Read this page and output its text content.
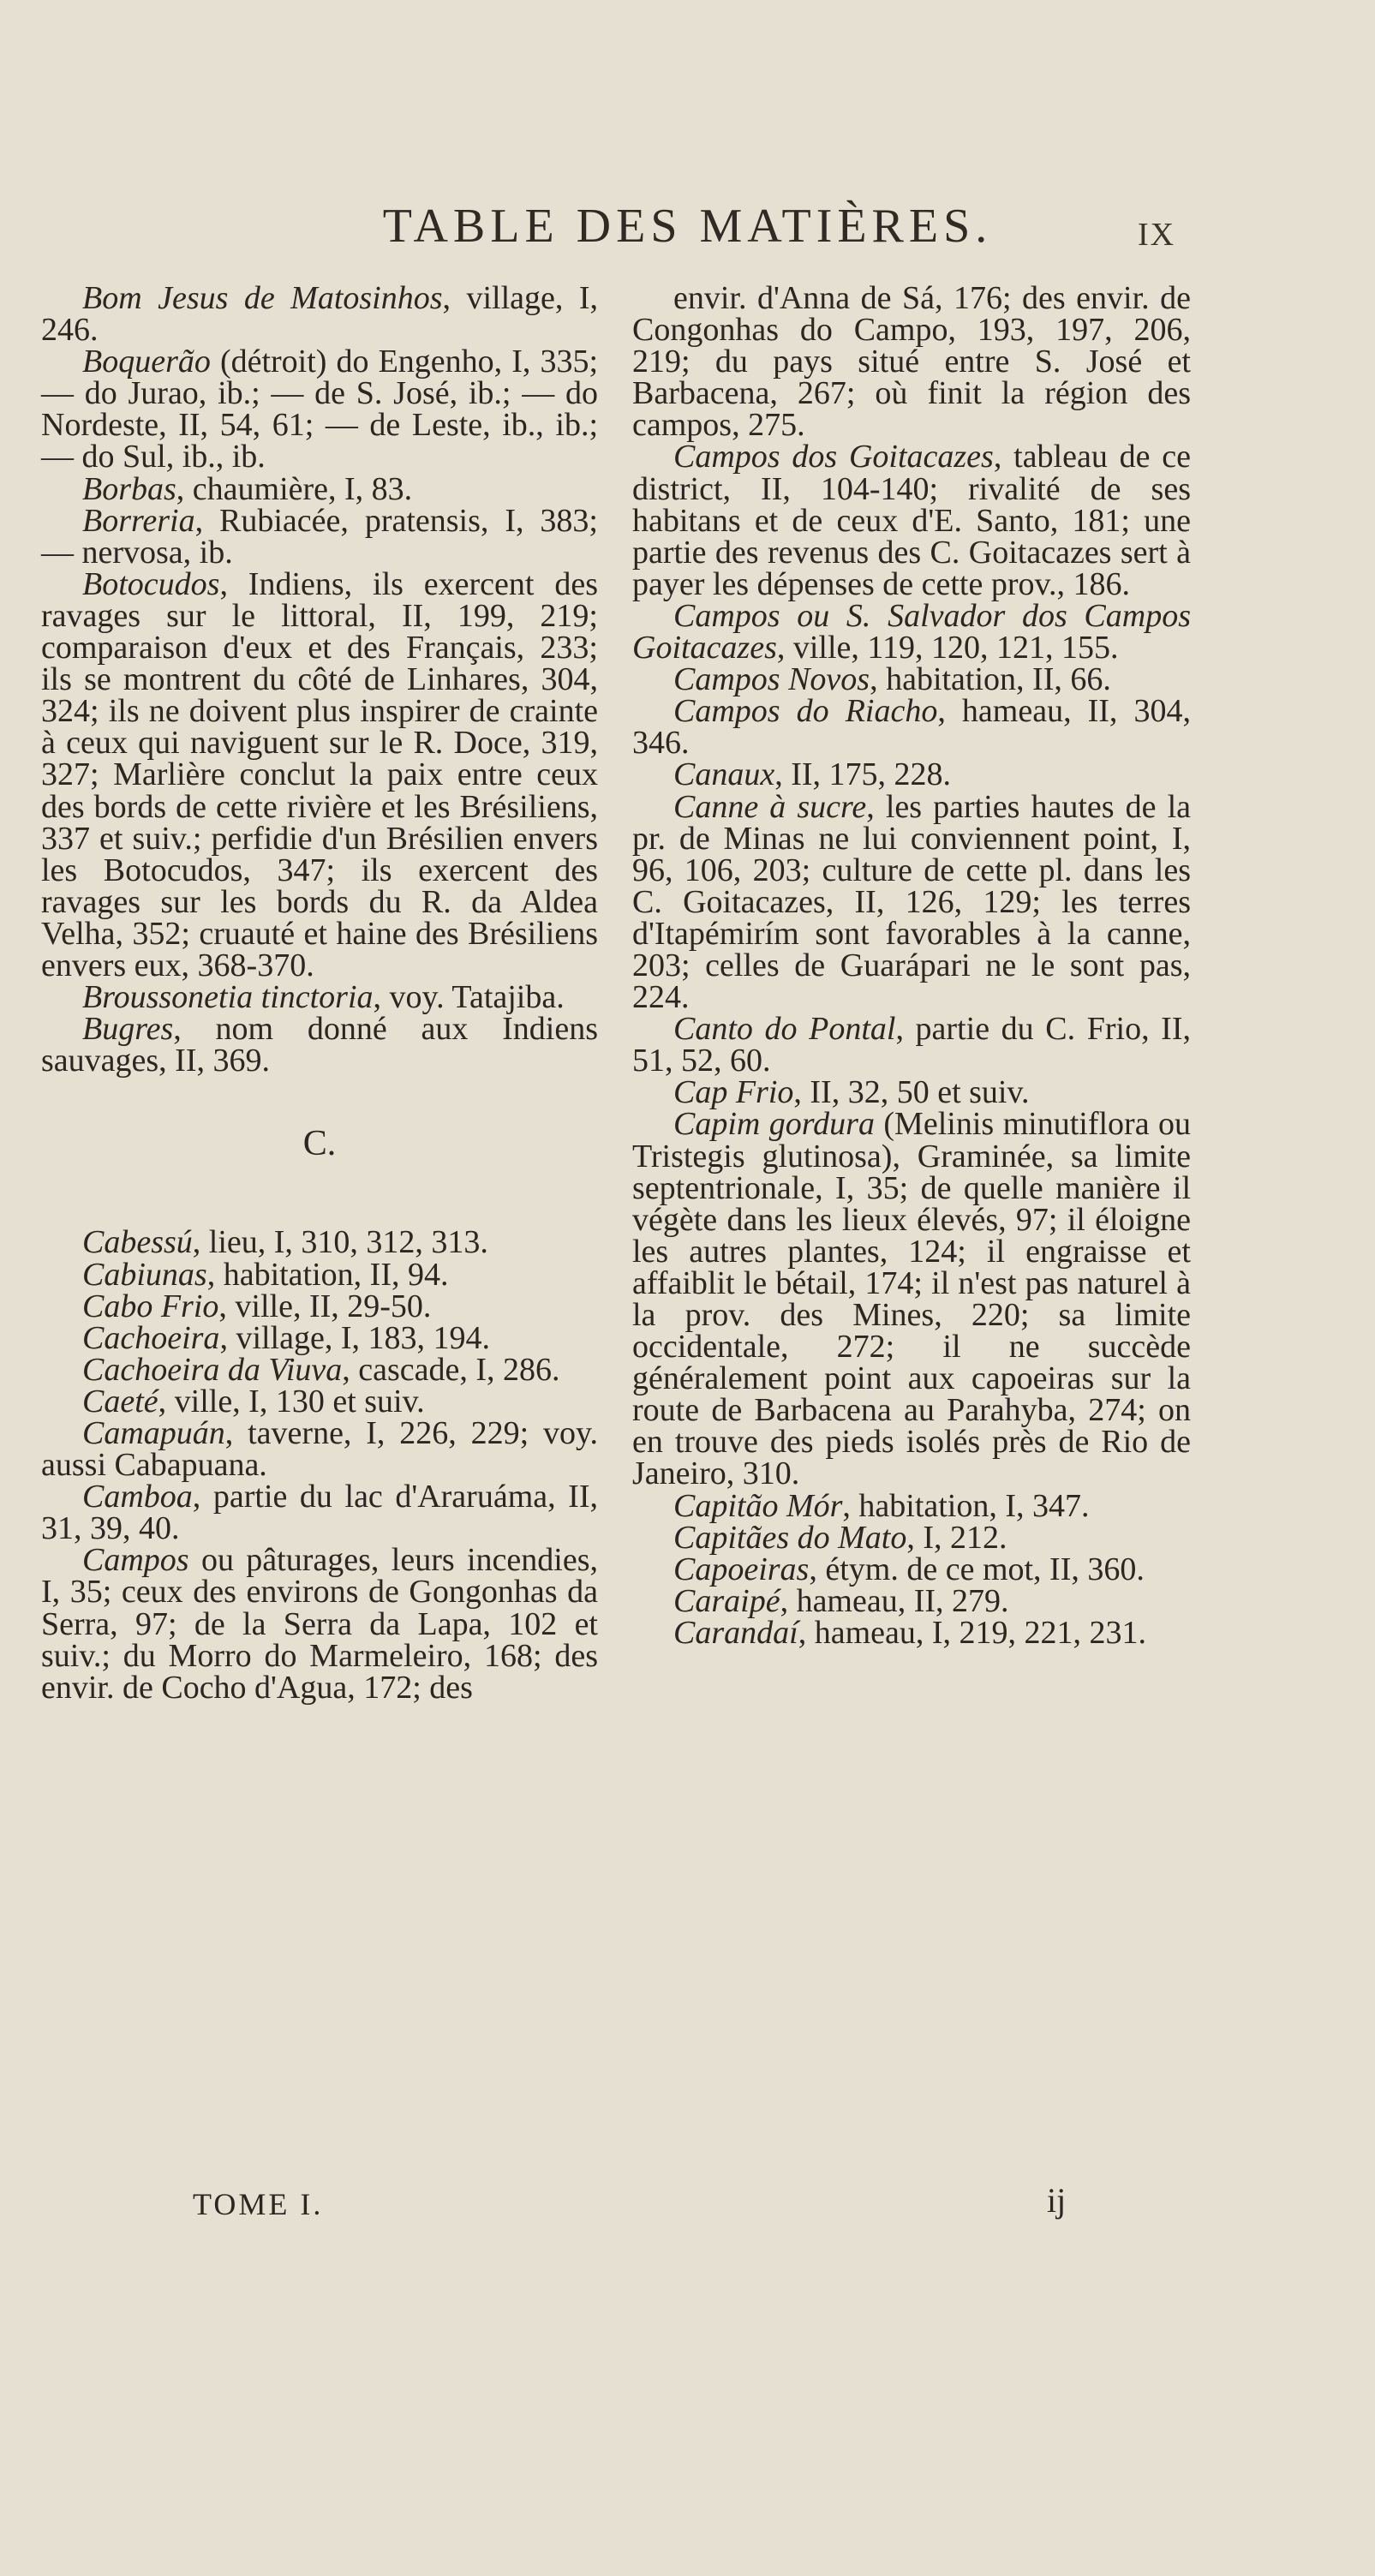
TABLE DES MATIÈRES.	IX
Bom Jesus de Matosinhos, village, I, 246.
Boquerão (détroit) do Engenho, I, 335; — do Jurao, ib.; — de S. José, ib.; — do Nordeste, II, 54, 61; — de Leste, ib., ib.; — do Sul, ib., ib.
Borbas, chaumière, I, 83.
Borreria, Rubiacée, pratensis, I, 383; — nervosa, ib.
Botocudos, Indiens, ils exercent des ravages sur le littoral, II, 199, 219; comparaison d'eux et des Français, 233; ils se montrent du côté de Linhares, 304, 324; ils ne doivent plus inspirer de crainte à ceux qui naviguent sur le R. Doce, 319, 327; Marlière conclut la paix entre ceux des bords de cette rivière et les Brésiliens, 337 et suiv.; perfidie d'un Brésilien envers les Botocudos, 347; ils exercent des ravages sur les bords du R. da Aldea Velha, 352; cruauté et haine des Brésiliens envers eux, 368-370.
Broussonetia tinctoria, voy. Tatajiba.
Bugres, nom donné aux Indiens sauvages, II, 369.
C.
Cabessú, lieu, I, 310, 312, 313.
Cabiunas, habitation, II, 94.
Cabo Frio, ville, II, 29-50.
Cachoeira, village, I, 183, 194.
Cachoeira da Viuva, cascade, I, 286.
Caeté, ville, I, 130 et suiv.
Camapuán, taverne, I, 226, 229; voy. aussi Cabapuana.
Camboa, partie du lac d'Araruáma, II, 31, 39, 40.
Campos ou pâturages, leurs incendies, I, 35; ceux des environs de Gongonhas da Serra, 97; de la Serra da Lapa, 102 et suiv.; du Morro do Marmeleiro, 168; des envir. de Cocho d'Agua, 172; des
envir. d'Anna de Sá, 176; des envir. de Congonhas do Campo, 193, 197, 206, 219; du pays situé entre S. José et Barbacena, 267; où finit la région des campos, 275.
Campos dos Goitacazes, tableau de ce district, II, 104-140; rivalité de ses habitans et de ceux d'E. Santo, 181; une partie des revenus des C. Goitacazes sert à payer les dépenses de cette prov., 186.
Campos ou S. Salvador dos Campos Goitacazes, ville, 119, 120, 121, 155.
Campos Novos, habitation, II, 66.
Campos do Riacho, hameau, II, 304, 346.
Canaux, II, 175, 228.
Canne à sucre, les parties hautes de la pr. de Minas ne lui conviennent point, I, 96, 106, 203; culture de cette pl. dans les C. Goitacazes, II, 126, 129; les terres d'Itapémirím sont favorables à la canne, 203; celles de Guarápari ne le sont pas, 224.
Canto do Pontal, partie du C. Frio, II, 51, 52, 60.
Cap Frio, II, 32, 50 et suiv.
Capim gordura (Melinis minutiflora ou Tristegis glutinosa), Graminée, sa limite septentrionale, I, 35; de quelle manière il végète dans les lieux élevés, 97; il éloigne les autres plantes, 124; il engraisse et affaiblit le bétail, 174; il n'est pas naturel à la prov. des Mines, 220; sa limite occidentale, 272; il ne succède généralement point aux capoeiras sur la route de Barbacena au Parahyba, 274; on en trouve des pieds isolés près de Rio de Janeiro, 310.
Capitão Mór, habitation, I, 347.
Capitães do Mato, I, 212.
Capoeiras, étym. de ce mot, II, 360.
Caraipé, hameau, II, 279.
Carandaí, hameau, I, 219, 221, 231.
TOME I.	ij
